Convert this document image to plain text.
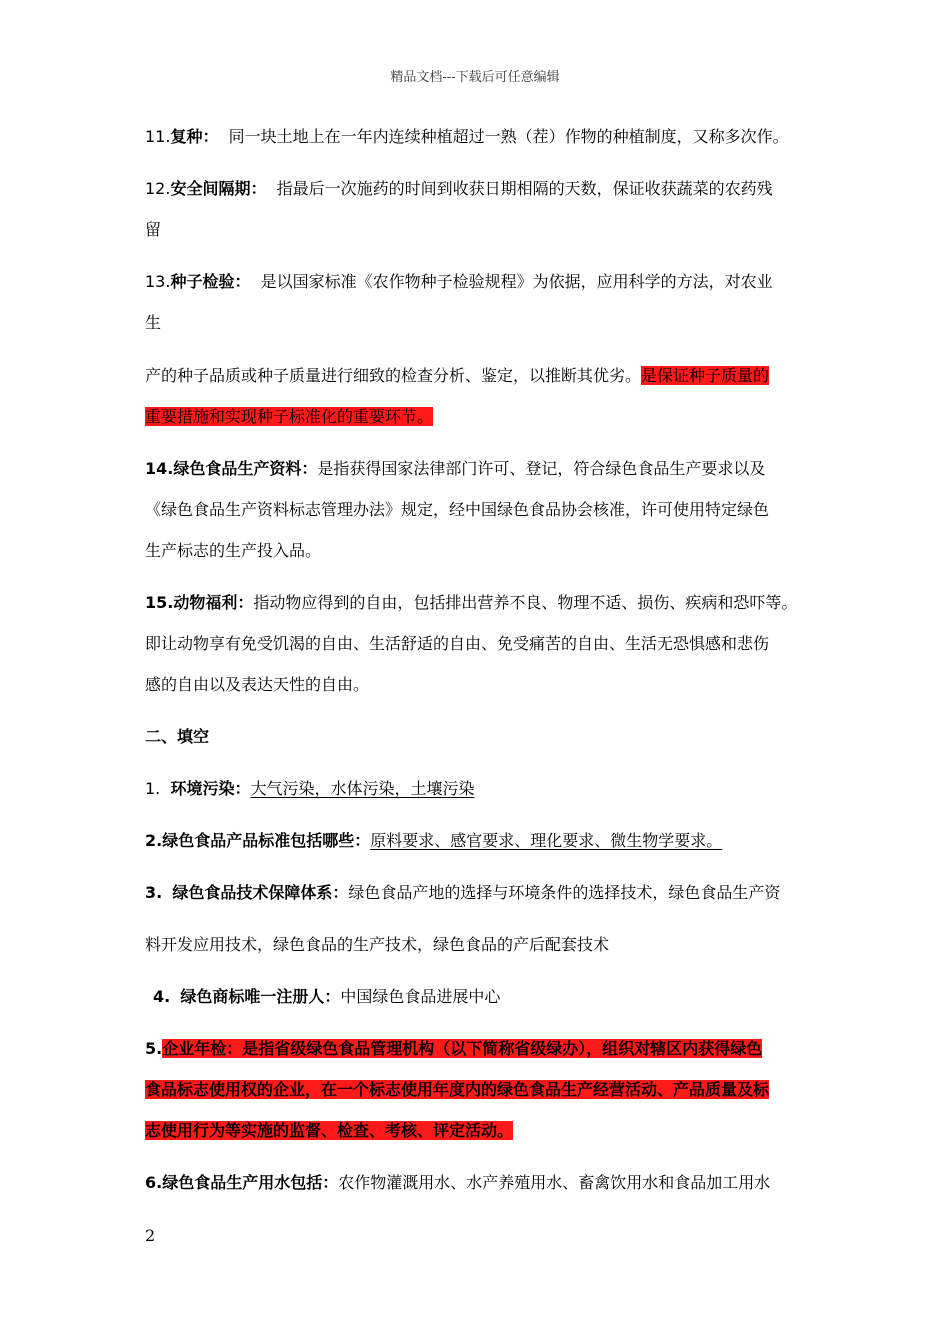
精品文档---下载后可任意编辑
11.复种： 同一块土地上在一年内连续种植超过一熟（茬）作物的种植制度，又称多次作。
12.安全间隔期： 指最后一次施药的时间到收获日期相隔的天数，保证收获蔬菜的农药残
留
13.种子检验： 是以国家标准《农作物种子检验规程》为依据，应用科学的方法，对农业
生
产的种子品质或种子质量进行细致的检查分析、鉴定，以推断其优劣。是保证种子质量的
重要措施和实现种子标准化的重要环节。
14.绿色食品生产资料：是指获得国家法律部门许可、登记，符合绿色食品生产要求以及
《绿色食品生产资料标志管理办法》规定，经中国绿色食品协会核准，许可使用特定绿色
生产标志的生产投入品。
15.动物福利：指动物应得到的自由，包括排出营养不良、物理不适、损伤、疾病和恐吓等。
即让动物享有免受饥渴的自由、生活舒适的自由、免受痛苦的自由、生活无恐惧感和悲伤
感的自由以及表达天性的自由。
二、填空
1. 环境污染：大气污染，水体污染，土壤污染
2.绿色食品产品标准包括哪些：原料要求、感官要求、理化要求、微生物学要求。
3. 绿色食品技术保障体系：绿色食品产地的选择与环境条件的选择技术，绿色食品生产资
料开发应用技术，绿色食品的生产技术，绿色食品的产后配套技术
4. 绿色商标唯一注册人：中国绿色食品进展中心
5.企业年检：是指省级绿色食品管理机构（以下简称省级绿办），组织对辖区内获得绿色
食品标志使用权的企业，在一个标志使用年度内的绿色食品生产经营活动、产品质量及标
志使用行为等实施的监督、检查、考核、评定活动。
6.绿色食品生产用水包括：农作物灌溉用水、水产养殖用水、畜禽饮用水和食品加工用水
2
